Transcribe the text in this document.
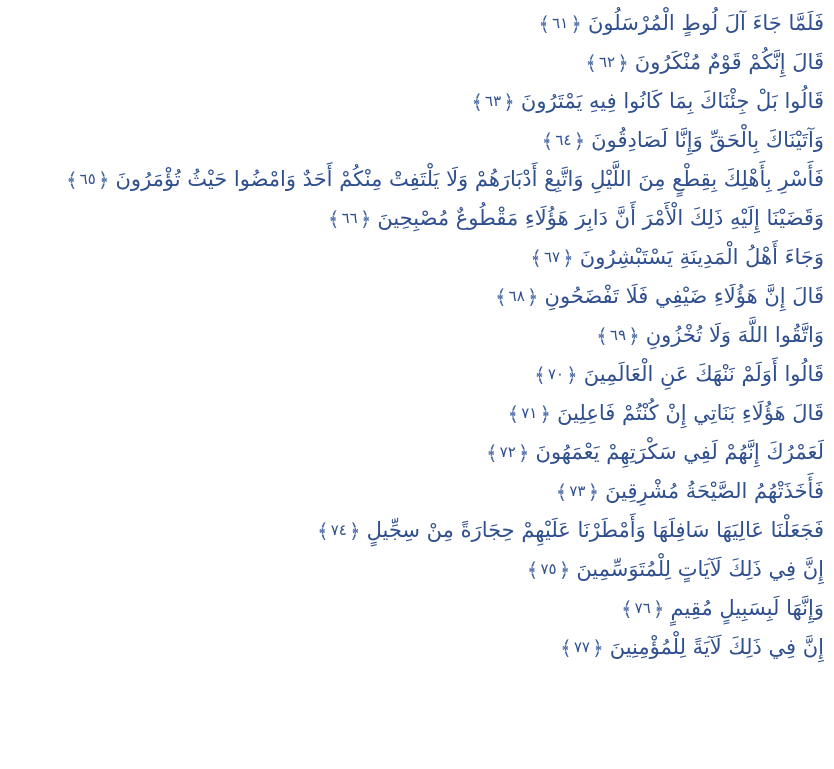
فَلَمَّا جَاءَ آلَ لُوطٍ الْمُرْسَلُونَ
﴿
٦١
﴾
قَالَ إِنَّكُمْ قَوْمٌ مُنْكَرُونَ
﴿
٦٢
﴾
قَالُوا بَلْ جِئْنَاكَ بِمَا كَانُوا فِيهِ يَمْتَرُونَ
﴿
٦٣
﴾
وَآتَيْنَاكَ بِالْحَقِّ وَإِنَّا لَصَادِقُونَ
﴿
٦٤
﴾
فَأَسْرِ بِأَهْلِكَ بِقِطْعٍ مِنَ اللَّيْلِ وَاتَّبِعْ أَدْبَارَهُمْ وَلَا يَلْتَفِتْ مِنْكُمْ أَحَدٌ وَامْضُوا حَيْثُ تُؤْمَرُونَ
﴿
٦٥
﴾
وَقَضَيْنَا إِلَيْهِ ذَلِكَ الْأَمْرَ أَنَّ دَابِرَ هَؤُلَاءِ مَقْطُوعٌ مُصْبِحِينَ
﴿
٦٦
﴾
وَجَاءَ أَهْلُ الْمَدِينَةِ يَسْتَبْشِرُونَ
﴿
٦٧
﴾
قَالَ إِنَّ هَؤُلَاءِ ضَيْفِي فَلَا تَفْضَحُونِ
﴿
٦٨
﴾
وَاتَّقُوا اللَّهَ وَلَا تُخْزُونِ
﴿
٦٩
﴾
قَالُوا أَوَلَمْ نَنْهَكَ عَنِ الْعَالَمِينَ
﴿
٧٠
﴾
قَالَ هَؤُلَاءِ بَنَاتِي إِنْ كُنْتُمْ فَاعِلِينَ
﴿
٧١
﴾
لَعَمْرُكَ إِنَّهُمْ لَفِي سَكْرَتِهِمْ يَعْمَهُونَ
﴿
٧٢
﴾
فَأَخَذَتْهُمُ الصَّيْحَةُ مُشْرِقِينَ
﴿
٧٣
﴾
فَجَعَلْنَا عَالِيَهَا سَافِلَهَا وَأَمْطَرْنَا عَلَيْهِمْ حِجَارَةً مِنْ سِجِّيلٍ
﴿
٧٤
﴾
إِنَّ فِي ذَلِكَ لَآيَاتٍ لِلْمُتَوَسِّمِينَ
﴿
٧٥
﴾
وَإِنَّهَا لَبِسَبِيلٍ مُقِيمٍ
﴿
٧٦
﴾
إِنَّ فِي ذَلِكَ لَآيَةً لِلْمُؤْمِنِينَ
﴿
٧٧
﴾
